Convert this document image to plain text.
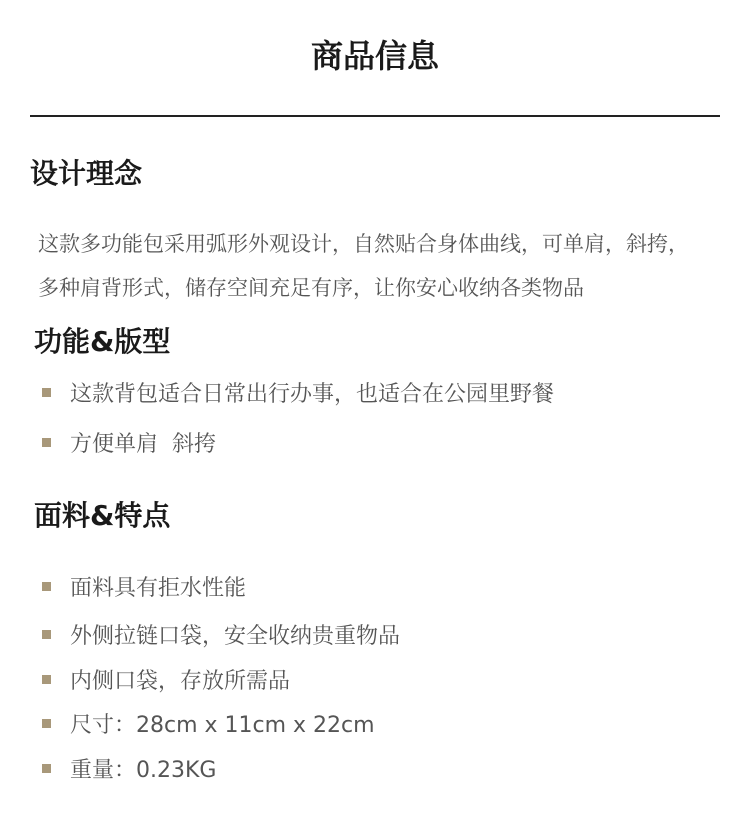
商品信息
设计理念
这款多功能包采用弧形外观设计，自然贴合身体曲线，可单肩，斜挎，
多种肩背形式，储存空间充足有序，让你安心收纳各类物品
功能&版型
这款背包适合日常出行办事，也适合在公园里野餐
方便单肩  斜挎
面料&特点
面料具有拒水性能
外侧拉链口袋，安全收纳贵重物品
内侧口袋，存放所需品
尺寸：28cm x 11cm x 22cm
重量：0.23KG
